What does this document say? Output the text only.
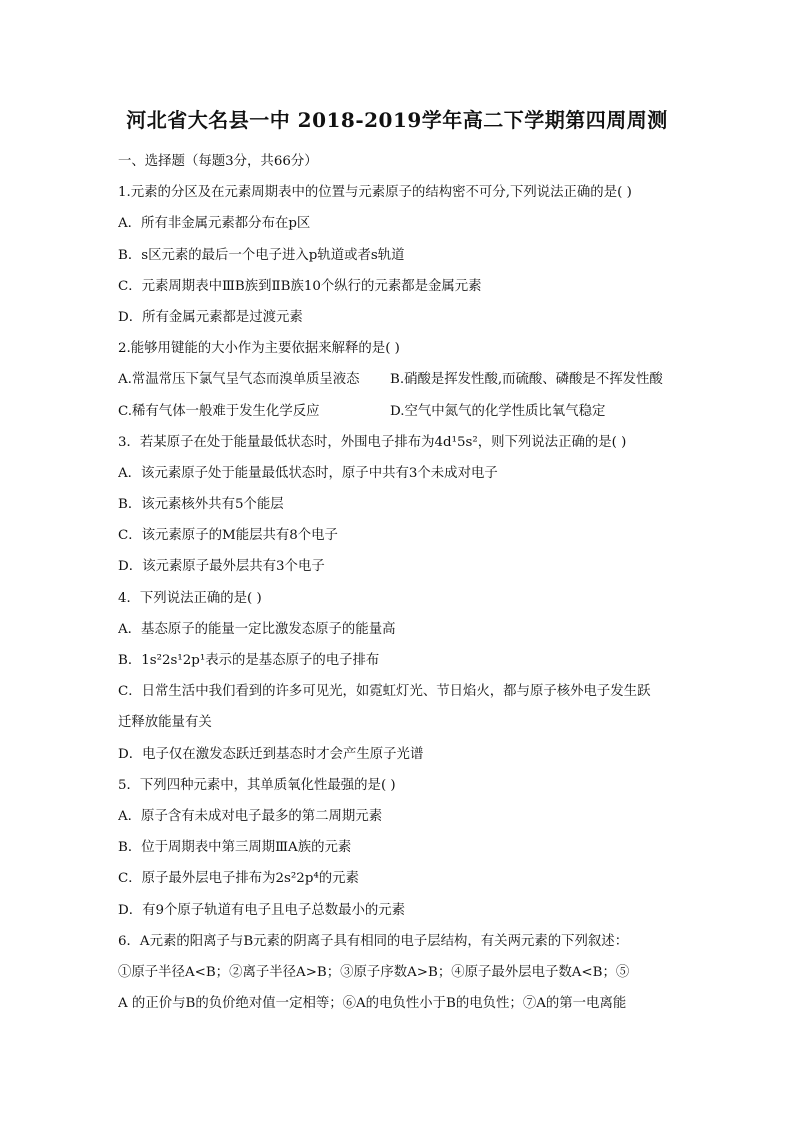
河北省大名县一中 2018-2019学年高二下学期第四周周测
一、选择题（每题3分，共66分）
1.元素的分区及在元素周期表中的位置与元素原子的结构密不可分,下列说法正确的是( )
A．所有非金属元素都分布在p区
B．s区元素的最后一个电子进入p轨道或者s轨道
C．元素周期表中ⅢB族到ⅡB族10个纵行的元素都是金属元素
D．所有金属元素都是过渡元素
2.能够用键能的大小作为主要依据来解释的是( )
A.常温常压下氯气呈气态而溴单质呈液态	B.硝酸是挥发性酸,而硫酸、磷酸是不挥发性酸
C.稀有气体一般难于发生化学反应	D.空气中氮气的化学性质比氧气稳定
3．若某原子在处于能量最低状态时，外围电子排布为4d¹5s²，则下列说法正确的是( )
A．该元素原子处于能量最低状态时，原子中共有3个未成对电子
B．该元素核外共有5个能层
C．该元素原子的M能层共有8个电子
D．该元素原子最外层共有3个电子
4．下列说法正确的是( )
A．基态原子的能量一定比激发态原子的能量高
B．1s²2s¹2p¹表示的是基态原子的电子排布
C．日常生活中我们看到的许多可见光，如霓虹灯光、节日焰火，都与原子核外电子发生跃
迁释放能量有关
D．电子仅在激发态跃迁到基态时才会产生原子光谱
5．下列四种元素中，其单质氧化性最强的是( )
A．原子含有未成对电子最多的第二周期元素
B．位于周期表中第三周期ⅢA族的元素
C．原子最外层电子排布为2s²2p⁴的元素
D．有9个原子轨道有电子且电子总数最小的元素
6．A元素的阳离子与B元素的阴离子具有相同的电子层结构，有关两元素的下列叙述：
①原子半径A<B；②离子半径A>B；③原子序数A>B；④原子最外层电子数A<B；⑤
A 的正价与B的负价绝对值一定相等；⑥A的电负性小于B的电负性；⑦A的第一电离能
